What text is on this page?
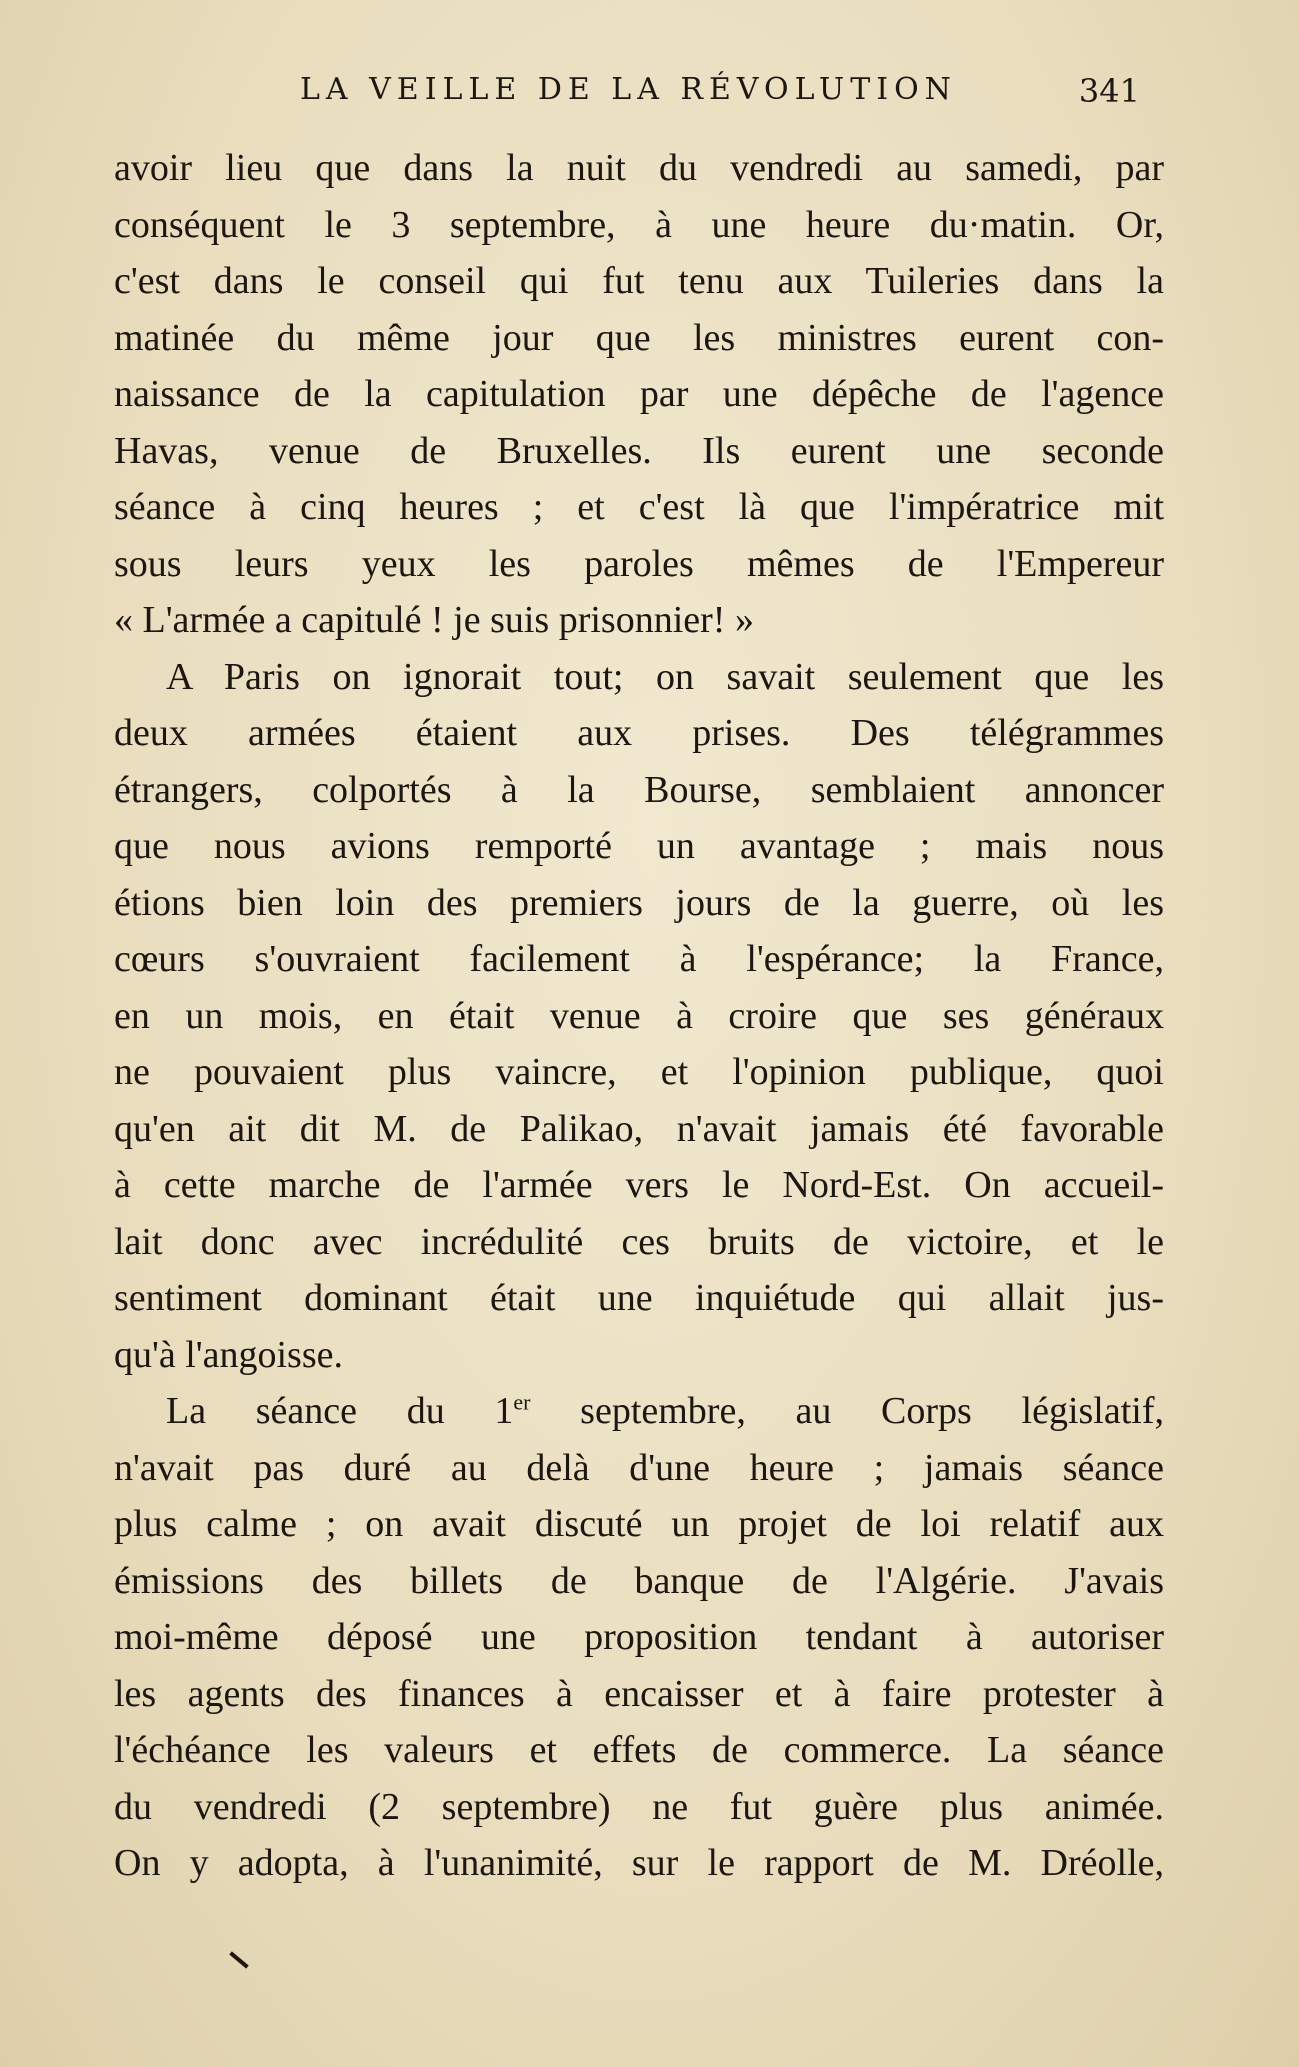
LA VEILLE DE LA RÉVOLUTION	341
avoir lieu que dans la nuit du vendredi au samedi, par
conséquent le 3 septembre, à une heure du·matin. Or,
c'est dans le conseil qui fut tenu aux Tuileries dans la
matinée du même jour que les ministres eurent con-
naissance de la capitulation par une dépêche de l'agence
Havas, venue de Bruxelles. Ils eurent une seconde
séance à cinq heures ; et c'est là que l'impératrice mit
sous leurs yeux les paroles mêmes de l'Empereur
« L'armée a capitulé ! je suis prisonnier! »
A Paris on ignorait tout; on savait seulement que les
deux armées étaient aux prises. Des télégrammes
étrangers, colportés à la Bourse, semblaient annoncer
que nous avions remporté un avantage ; mais nous
étions bien loin des premiers jours de la guerre, où les
cœurs s'ouvraient facilement à l'espérance; la France,
en un mois, en était venue à croire que ses généraux
ne pouvaient plus vaincre, et l'opinion publique, quoi
qu'en ait dit M. de Palikao, n'avait jamais été favorable
à cette marche de l'armée vers le Nord-Est. On accueil-
lait donc avec incrédulité ces bruits de victoire, et le
sentiment dominant était une inquiétude qui allait jus-
qu'à l'angoisse.
La séance du 1er septembre, au Corps législatif,
n'avait pas duré au delà d'une heure ; jamais séance
plus calme ; on avait discuté un projet de loi relatif aux
émissions des billets de banque de l'Algérie. J'avais
moi-même déposé une proposition tendant à autoriser
les agents des finances à encaisser et à faire protester à
l'échéance les valeurs et effets de commerce. La séance
du vendredi (2 septembre) ne fut guère plus animée.
On y adopta, à l'unanimité, sur le rapport de M. Dréolle,
